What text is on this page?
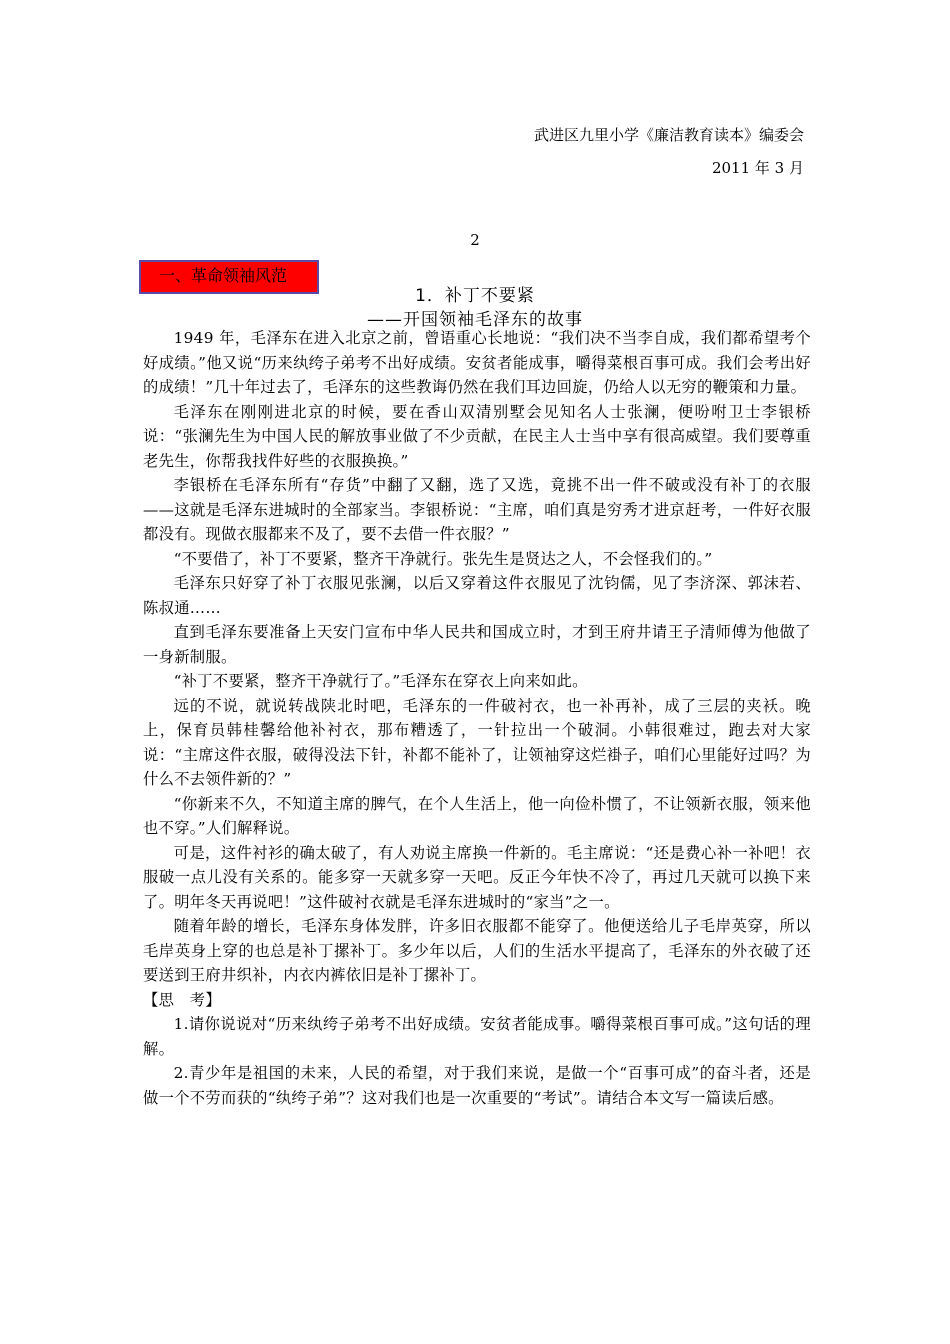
武进区九里小学《廉洁教育读本》编委会
2011 年 3 月
2
一、革命领袖风范
1．补丁不要紧
——开国领袖毛泽东的故事

1949 年，毛泽东在进入北京之前，曾语重心长地说：“我们决不当李自成，我们都希望考个好成绩。”他又说“历来纨绔子弟考不出好成绩。安贫者能成事，嚼得菜根百事可成。我们会考出好的成绩！”几十年过去了，毛泽东的这些教诲仍然在我们耳边回旋，仍给人以无穷的鞭策和力量。

毛泽东在刚刚进北京的时候，要在香山双清别墅会见知名人士张澜，便吩咐卫士李银桥说：“张澜先生为中国人民的解放事业做了不少贡献，在民主人士当中享有很高威望。我们要尊重老先生，你帮我找件好些的衣服换换。”

李银桥在毛泽东所有“存货”中翻了又翻，选了又选，竟挑不出一件不破或没有补丁的衣服——这就是毛泽东进城时的全部家当。李银桥说：“主席，咱们真是穷秀才进京赶考，一件好衣服都没有。现做衣服都来不及了，要不去借一件衣服？”

“不要借了，补丁不要紧，整齐干净就行。张先生是贤达之人，不会怪我们的。”

毛泽东只好穿了补丁衣服见张澜，以后又穿着这件衣服见了沈钧儒，见了李济深、郭沫若、陈叔通……

直到毛泽东要准备上天安门宣布中华人民共和国成立时，才到王府井请王子清师傅为他做了一身新制服。

“补丁不要紧，整齐干净就行了。”毛泽东在穿衣上向来如此。

远的不说，就说转战陕北时吧，毛泽东的一件破衬衣，也一补再补，成了三层的夹袄。晚上，保育员韩桂馨给他补衬衣，那布糟透了，一针拉出一个破洞。小韩很难过，跑去对大家说：“主席这件衣服，破得没法下针，补都不能补了，让领袖穿这烂褂子，咱们心里能好过吗？为什么不去领件新的？”

“你新来不久，不知道主席的脾气，在个人生活上，他一向俭朴惯了，不让领新衣服，领来他也不穿。”人们解释说。

可是，这件衬衫的确太破了，有人劝说主席换一件新的。毛主席说：“还是费心补一补吧！衣服破一点儿没有关系的。能多穿一天就多穿一天吧。反正今年快不冷了，再过几天就可以换下来了。明年冬天再说吧！”这件破衬衣就是毛泽东进城时的“家当”之一。

随着年龄的增长，毛泽东身体发胖，许多旧衣服都不能穿了。他便送给儿子毛岸英穿，所以毛岸英身上穿的也总是补丁摞补丁。多少年以后，人们的生活水平提高了，毛泽东的外衣破了还要送到王府井织补，内衣内裤依旧是补丁摞补丁。

【思　考】

1.请你说说对“历来纨绔子弟考不出好成绩。安贫者能成事。嚼得菜根百事可成。”这句话的理解。

2.青少年是祖国的未来，人民的希望，对于我们来说，是做一个“百事可成”的奋斗者，还是做一个不劳而获的“纨绔子弟”？这对我们也是一次重要的“考试”。请结合本文写一篇读后感。
